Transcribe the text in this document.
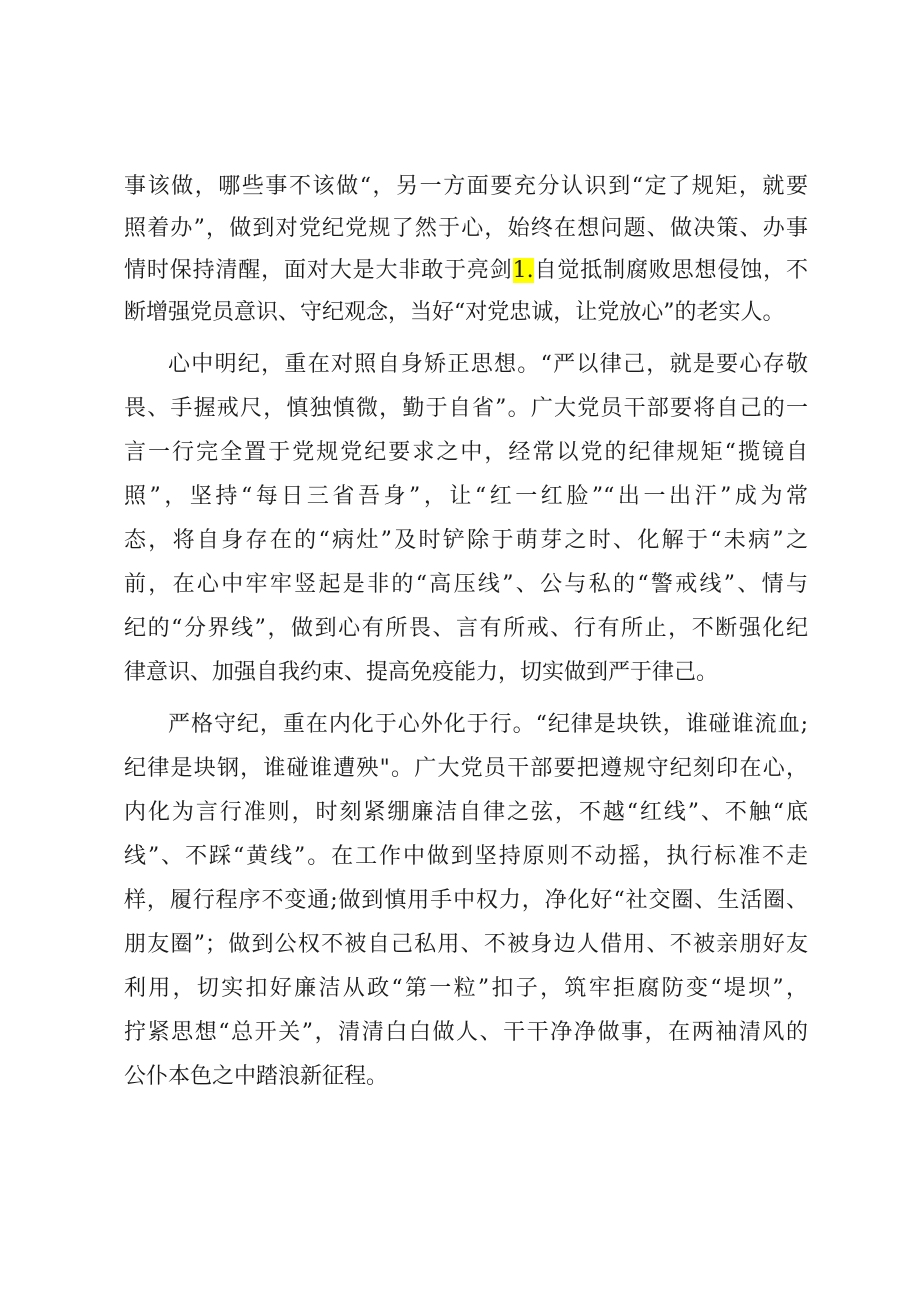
事该做，哪些事不该做“，另一方面要充分认识到“定了规矩，就要
照着办”，做到对党纪党规了然于心，始终在想问题、做决策、办事
情时保持清醒，面对大是大非敢于亮剑1.自觉抵制腐败思想侵蚀，不
断增强党员意识、守纪观念，当好“对党忠诚，让党放心”的老实人。
心中明纪，重在对照自身矫正思想。“严以律己，就是要心存敬
畏、手握戒尺，慎独慎微，勤于自省”。广大党员干部要将自己的一
言一行完全置于党规党纪要求之中，经常以党的纪律规矩“揽镜自
照”，坚持“每日三省吾身”，让“红一红脸”“出一出汗”成为常
态，将自身存在的“病灶”及时铲除于萌芽之时、化解于“未病”之
前，在心中牢牢竖起是非的“高压线”、公与私的“警戒线”、情与
纪的“分界线”，做到心有所畏、言有所戒、行有所止，不断强化纪
律意识、加强自我约束、提高免疫能力，切实做到严于律己。
严格守纪，重在内化于心外化于行。“纪律是块铁，谁碰谁流血;
纪律是块钢，谁碰谁遭殃"。广大党员干部要把遵规守纪刻印在心，
内化为言行准则，时刻紧绷廉洁自律之弦，不越“红线”、不触“底
线”、不踩“黄线”。在工作中做到坚持原则不动摇，执行标准不走
样，履行程序不变通;做到慎用手中权力，净化好“社交圈、生活圈、
朋友圈”；做到公权不被自己私用、不被身边人借用、不被亲朋好友
利用，切实扣好廉洁从政“第一粒”扣子，筑牢拒腐防变“堤坝”，
拧紧思想“总开关”，清清白白做人、干干净净做事，在两袖清风的
公仆本色之中踏浪新征程。
